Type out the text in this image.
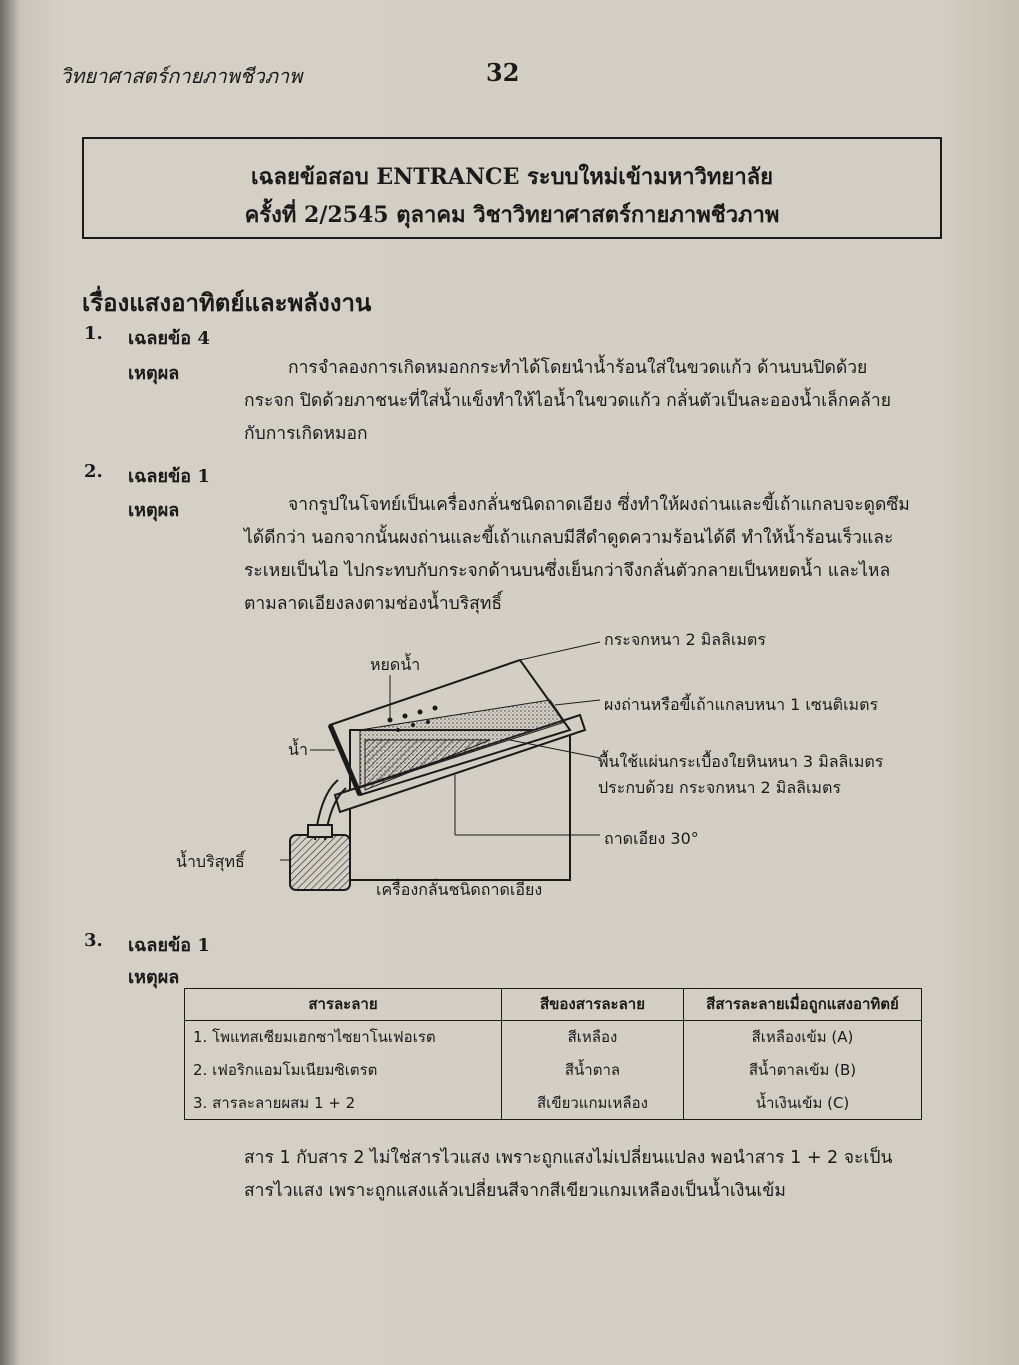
วิทยาศาสตร์กายภาพชีวภาพ	32
เฉลยข้อสอบ ENTRANCE ระบบใหม่เข้ามหาวิทยาลัย
ครั้งที่ 2/2545 ตุลาคม วิชาวิทยาศาสตร์กายภาพชีวภาพ
เรื่องแสงอาทิตย์และพลังงาน
1. เฉลยข้อ 4
เหตุผล	การจำลองการเกิดหมอกกระทำได้โดยนำน้ำร้อนใส่ในขวดแก้ว ด้านบนปิดด้วย
กระจก ปิดด้วยภาชนะที่ใส่น้ำแข็งทำให้ไอน้ำในขวดแก้ว กลั่นตัวเป็นละอองน้ำเล็กคล้าย
กับการเกิดหมอก
2. เฉลยข้อ 1
เหตุผล	จากรูปในโจทย์เป็นเครื่องกลั่นชนิดถาดเอียง ซึ่งทำให้ผงถ่านและขี้เถ้าแกลบจะดูดซึม
ได้ดีกว่า นอกจากนั้นผงถ่านและขี้เถ้าแกลบมีสีดำดูดความร้อนได้ดี ทำให้น้ำร้อนเร็วและ
ระเหยเป็นไอ ไปกระทบกับกระจกด้านบนซึ่งเย็นกว่าจึงกลั่นตัวกลายเป็นหยดน้ำ และไหล
ตามลาดเอียงลงตามช่องน้ำบริสุทธิ์
กระจกหนา 2 มิลลิเมตร
หยดน้ำ
ผงถ่านหรือขี้เถ้าแกลบหนา 1 เซนติเมตร
น้ำ
พื้นใช้แผ่นกระเบื้องใยหินหนา 3 มิลลิเมตร
ประกบด้วย กระจกหนา 2 มิลลิเมตร
ถาดเอียง 30°
น้ำบริสุทธิ์
เครื่องกลั่นชนิดถาดเอียง
3. เฉลยข้อ 1
เหตุผล
สารละลาย	สีของสารละลาย	สีสารละลายเมื่อถูกแสงอาทิตย์
1. โพแทสเซียมเฮกซาไซยาโนเฟอเรต	สีเหลือง	สีเหลืองเข้ม (A)
2. เฟอริกแอมโมเนียมซิเตรต	สีน้ำตาล	สีน้ำตาลเข้ม (B)
3. สารละลายผสม 1 + 2	สีเขียวแกมเหลือง	น้ำเงินเข้ม (C)
สาร 1 กับสาร 2 ไม่ใช่สารไวแสง เพราะถูกแสงไม่เปลี่ยนแปลง พอนำสาร 1 + 2 จะเป็น
สารไวแสง เพราะถูกแสงแล้วเปลี่ยนสีจากสีเขียวแกมเหลืองเป็นน้ำเงินเข้ม
